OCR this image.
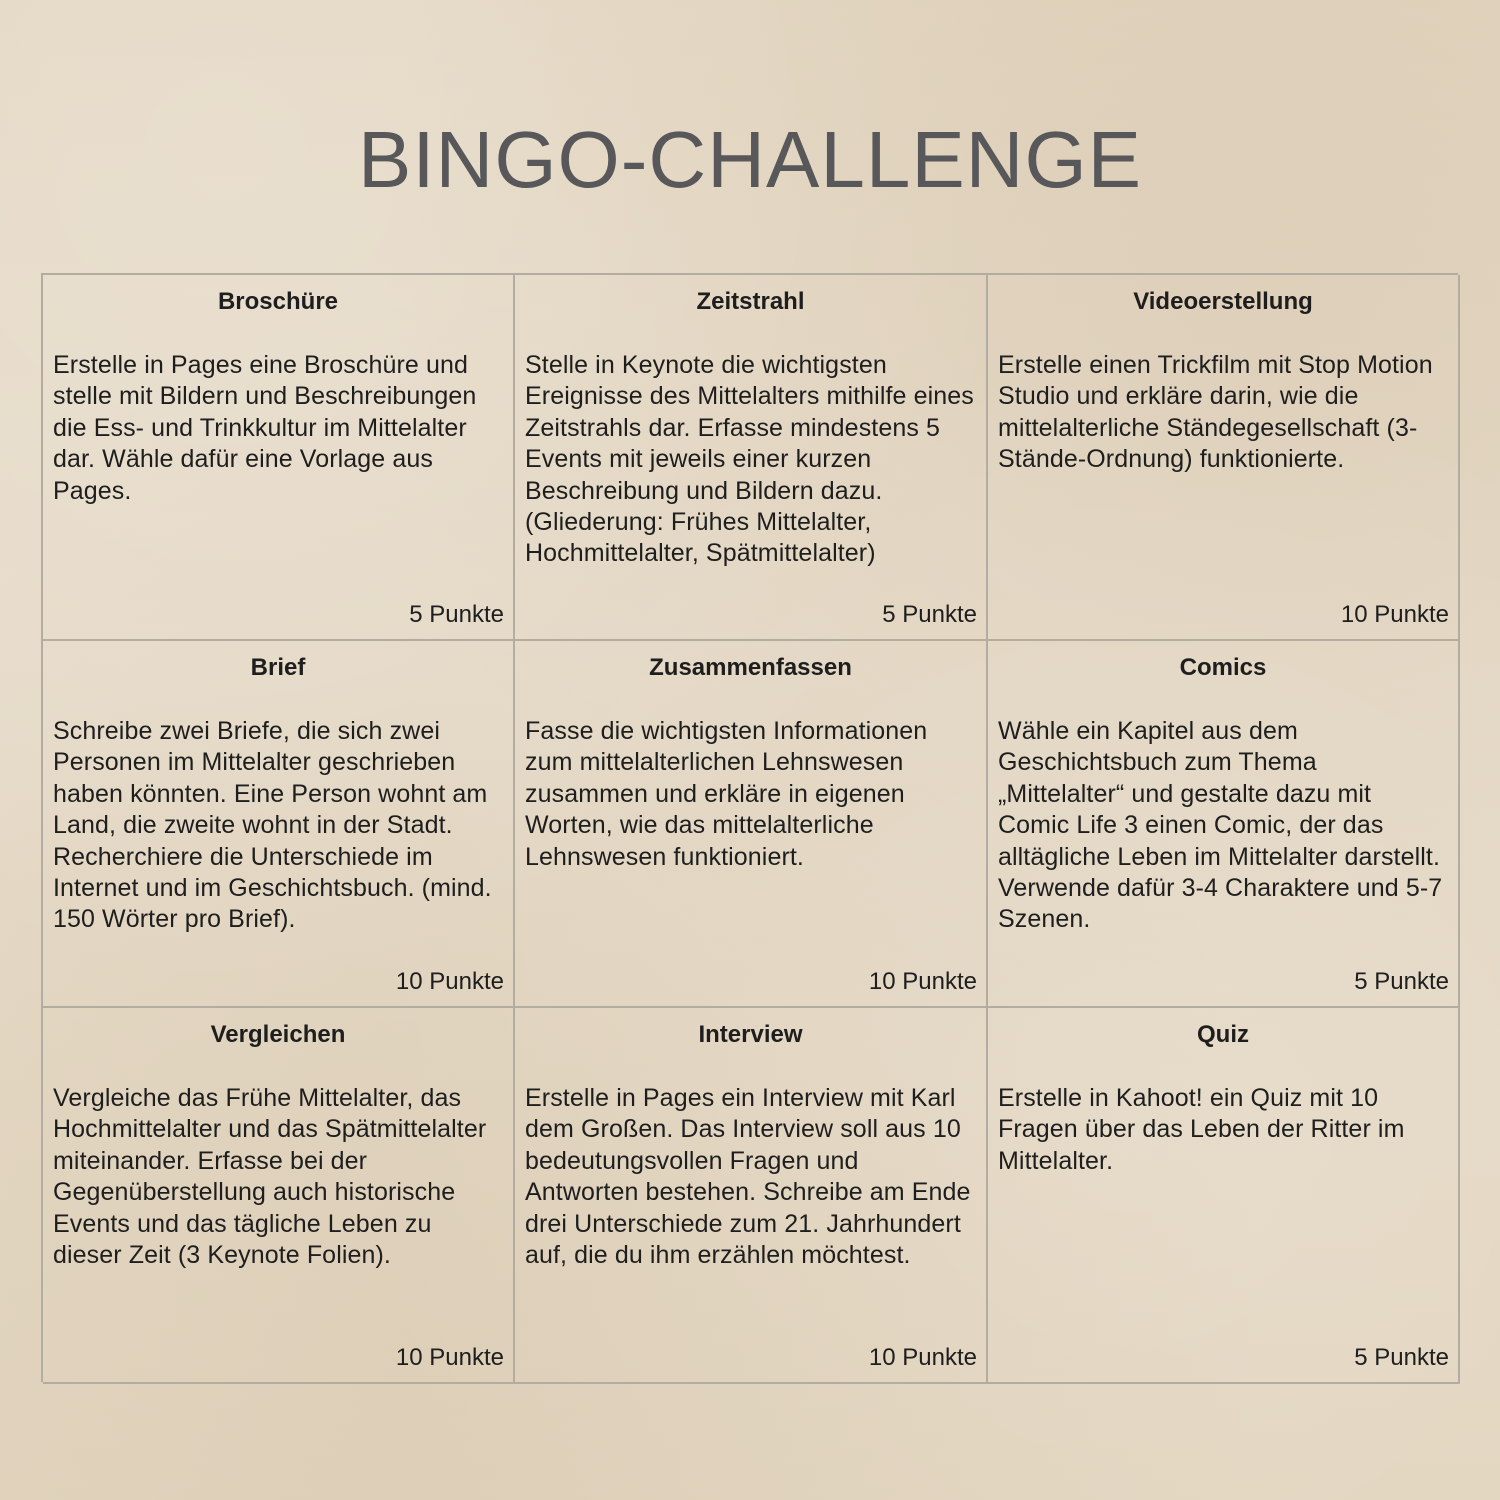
BINGO-CHALLENGE
Broschüre
Erstelle in Pages eine Broschüre und stelle mit Bildern und Beschreibungen die Ess- und Trinkkultur im Mittelalter dar. Wähle dafür eine Vorlage aus Pages.
5 Punkte
Zeitstrahl
Stelle in Keynote die wichtigsten Ereignisse des Mittelalters mithilfe eines Zeitstrahls dar. Erfasse mindestens 5 Events mit jeweils einer kurzen Beschreibung und Bildern dazu. (Gliederung: Frühes Mittelalter, Hochmittelalter, Spätmittelalter)
5 Punkte
Videoerstellung
Erstelle einen Trickfilm mit Stop Motion Studio und erkläre darin, wie die mittelalterliche Ständegesellschaft (3-Stände-Ordnung) funktionierte.
10 Punkte
Brief
Schreibe zwei Briefe, die sich zwei Personen im Mittelalter geschrieben haben könnten. Eine Person wohnt am Land, die zweite wohnt in der Stadt. Recherchiere die Unterschiede im Internet und im Geschichtsbuch. (mind. 150 Wörter pro Brief).
10 Punkte
Zusammenfassen
Fasse die wichtigsten Informationen zum mittelalterlichen Lehnswesen zusammen und erkläre in eigenen Worten, wie das mittelalterliche Lehnswesen funktioniert.
10 Punkte
Comics
Wähle ein Kapitel aus dem Geschichtsbuch zum Thema „Mittelalter“ und gestalte dazu mit Comic Life 3 einen Comic, der das alltägliche Leben im Mittelalter darstellt. Verwende dafür 3-4 Charaktere und 5-7 Szenen.
5 Punkte
Vergleichen
Vergleiche das Frühe Mittelalter, das Hochmittelalter und das Spätmittelalter miteinander. Erfasse bei der Gegenüberstellung auch historische Events und das tägliche Leben zu dieser Zeit (3 Keynote Folien).
10 Punkte
Interview
Erstelle in Pages ein Interview mit Karl dem Großen. Das Interview soll aus 10 bedeutungsvollen Fragen und Antworten bestehen. Schreibe am Ende drei Unterschiede zum 21. Jahrhundert auf, die du ihm erzählen möchtest.
10 Punkte
Quiz
Erstelle in Kahoot! ein Quiz mit 10 Fragen über das Leben der Ritter im Mittelalter.
5 Punkte
